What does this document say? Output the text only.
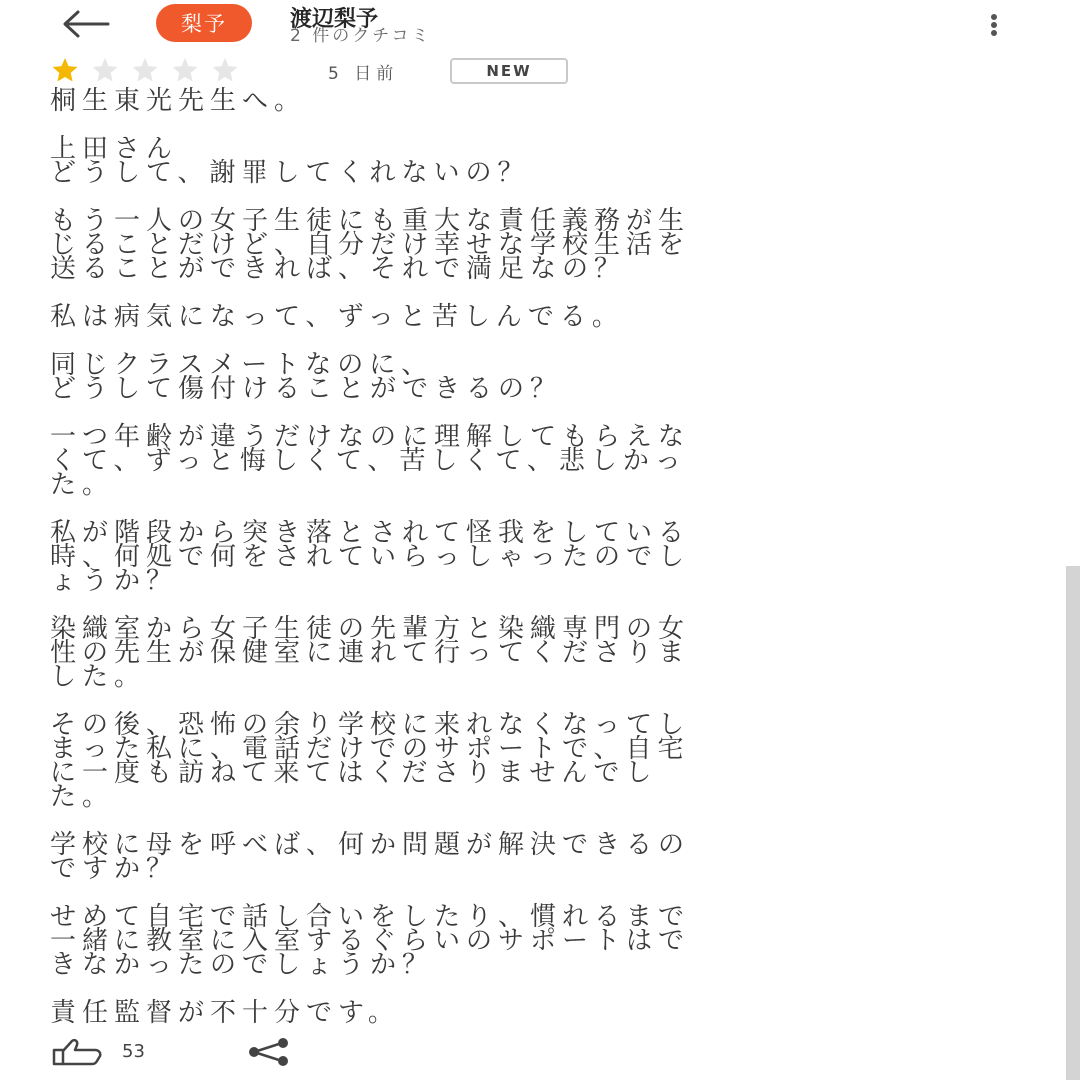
梨予	渡辺梨予
2 件のクチコミ
5 日前	NEW

桐生東光先生へ。

上田さん
どうして、謝罪してくれないの？

もう一人の女子生徒にも重大な責任義務が生
じることだけど、自分だけ幸せな学校生活を
送ることができれば、それで満足なの？

私は病気になって、ずっと苦しんでる。

同じクラスメートなのに、
どうして傷付けることができるの？

一つ年齢が違うだけなのに理解してもらえな
くて、ずっと悔しくて、苦しくて、悲しかっ
た。

私が階段から突き落とされて怪我をしている
時、何処で何をされていらっしゃったのでし
ょうか？

染織室から女子生徒の先輩方と染織専門の女
性の先生が保健室に連れて行ってくださりま
した。

その後、恐怖の余り学校に来れなくなってし
まった私に、電話だけでのサポートで、自宅
に一度も訪ねて来てはくださりませんでし
た。

学校に母を呼べば、何か問題が解決できるの
ですか？

せめて自宅で話し合いをしたり、慣れるまで
一緒に教室に入室するぐらいのサポートはで
きなかったのでしょうか？

責任監督が不十分です。

53
